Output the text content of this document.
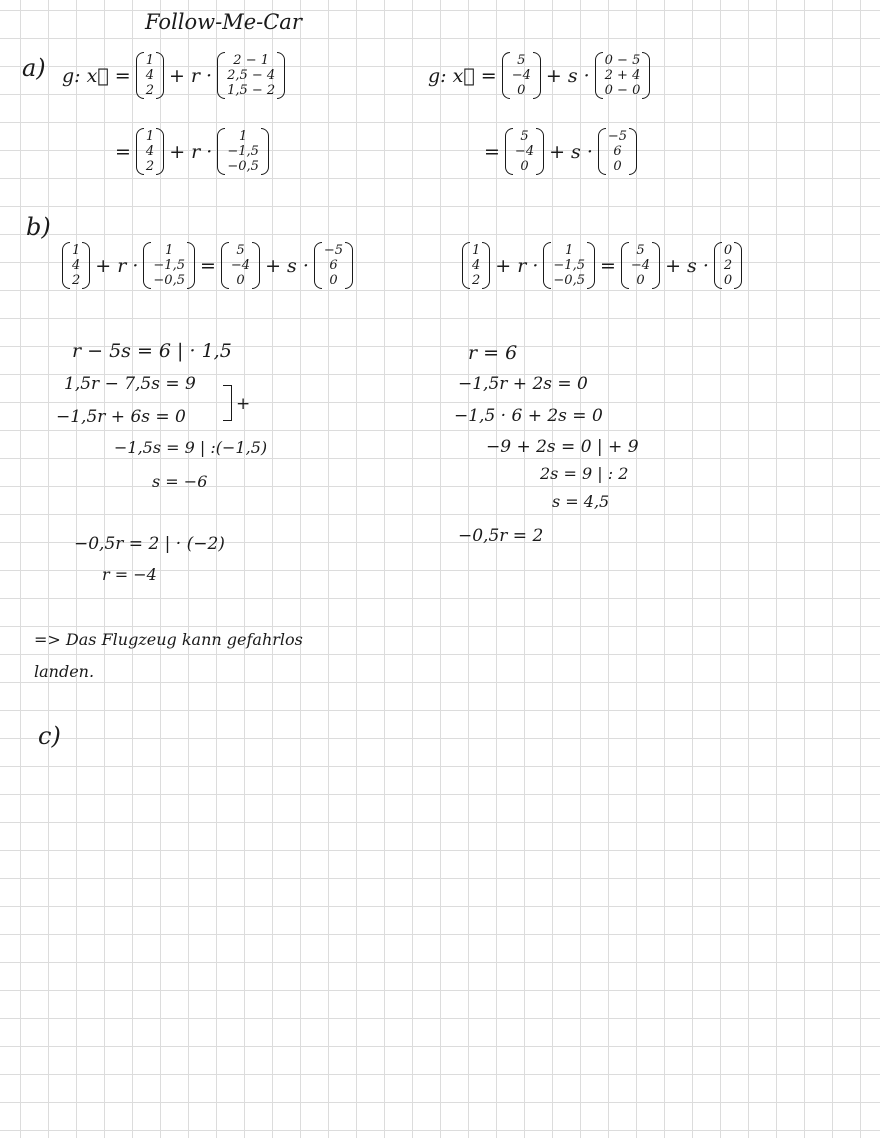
Follow-Me-Car
a)
b)
c)
g: x⃗ =
1
4
2
+ r ·
2 − 1
2,5 − 4
1,5 − 2
=
1
4
2
+ r ·
1
−1,5
−0,5
g: x⃗ =
5
−4
0
+ s ·
0 − 5
2 + 4
0 − 0
=
5
−4
0
+ s ·
−5
6
0
1
4
2
+ r ·
1
−1,5
−0,5
=
5
−4
0
+ s ·
−5
6
0
1
4
2
+ r ·
1
−1,5
−0,5
=
5
−4
0
+ s ·
0
2
0
r − 5s = 6 | · 1,5
1,5r − 7,5s = 9
−1,5r + 6s = 0
+
−1,5s = 9 | :(−1,5)
s = −6
−0,5r = 2 | · (−2)
r = −4
r = 6
−1,5r + 2s = 0
−1,5 · 6 + 2s = 0
−9 + 2s = 0 | + 9
2s = 9 | : 2
s = 4,5
−0,5r = 2
=> Das Flugzeug kann gefahrlos
landen.
